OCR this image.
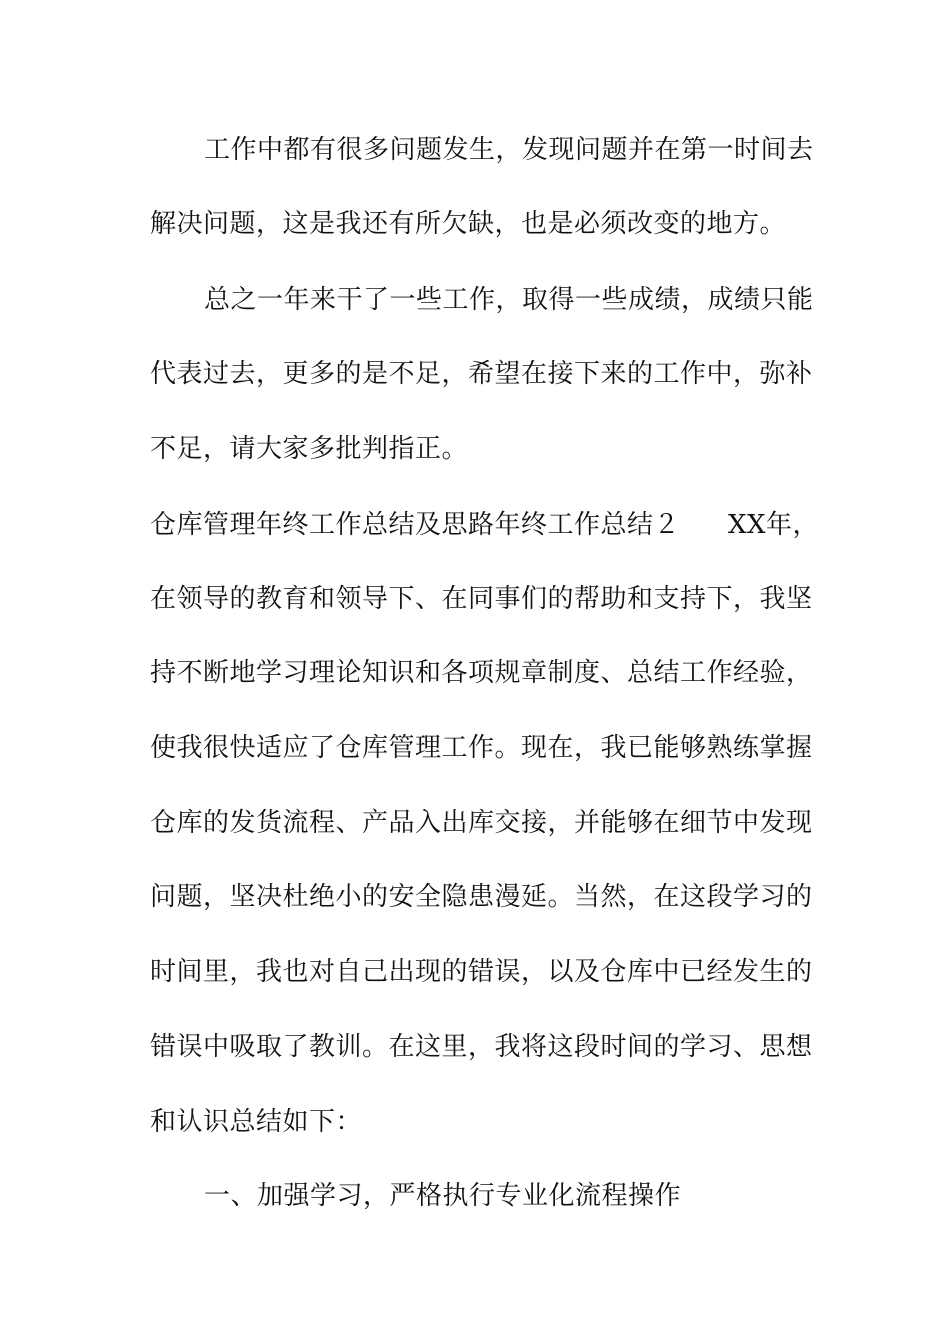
工作中都有很多问题发生，发现问题并在第一时间去
解决问题，这是我还有所欠缺，也是必须改变的地方。
总之一年来干了一些工作，取得一些成绩，成绩只能
代表过去，更多的是不足，希望在接下来的工作中，弥补
不足，请大家多批判指正。
仓库管理年终工作总结及思路年终工作总结２ XX年，
在领导的教育和领导下、在同事们的帮助和支持下，我坚
持不断地学习理论知识和各项规章制度、总结工作经验，
使我很快适应了仓库管理工作。现在，我已能够熟练掌握
仓库的发货流程、产品入出库交接，并能够在细节中发现
问题，坚决杜绝小的安全隐患漫延。当然，在这段学习的
时间里，我也对自己出现的错误，以及仓库中已经发生的
错误中吸取了教训。在这里，我将这段时间的学习、思想
和认识总结如下：
一、加强学习，严格执行专业化流程操作
